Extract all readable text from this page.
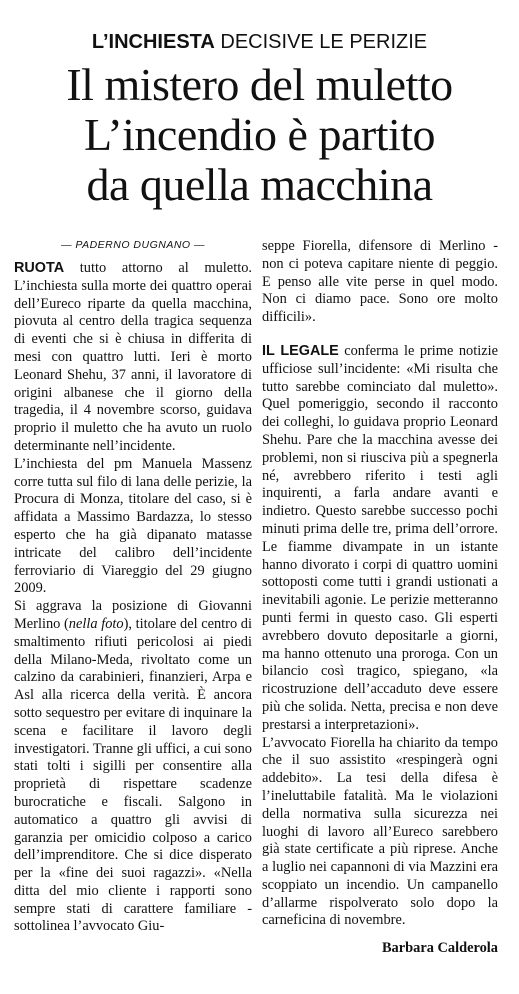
L’INCHIESTA DECISIVE LE PERIZIE
Il mistero del muletto
L’incendio è partito
da quella macchina
— PADERNO DUGNANO —

RUOTA tutto attorno al muletto. L’inchiesta sulla morte dei quattro operai dell’Eureco riparte da quella macchina, piovuta al centro della tragica sequenza di eventi che si è chiusa in differita di mesi con quattro lutti. Ieri è morto Leonard Shehu, 37 anni, il lavoratore di origini albanese che il giorno della tragedia, il 4 novembre scorso, guidava proprio il muletto che ha avuto un ruolo determinante nell’incidente.

L’inchiesta del pm Manuela Massenz corre tutta sul filo di lana delle perizie, la Procura di Monza, titolare del caso, si è affidata a Massimo Bardazza, lo stesso esperto che ha già dipanato matasse intricate del calibro dell’incidente ferroviario di Viareggio del 29 giugno 2009.

Si aggrava la posizione di Giovanni Merlino (nella foto), titolare del centro di smaltimento rifiuti pericolosi ai piedi della Milano-Meda, rivoltato come un calzino da carabinieri, finanzieri, Arpa e Asl alla ricerca della verità. È ancora sotto sequestro per evitare di inquinare la scena e facilitare il lavoro degli investigatori. Tranne gli uffici, a cui sono stati tolti i sigilli per consentire alla proprietà di rispettare scadenze burocratiche e fiscali. Salgono in automatico a quattro gli avvisi di garanzia per omicidio colposo a carico dell’imprenditore. Che si dice disperato per la «fine dei suoi ragazzi». «Nella ditta del mio cliente i rapporti sono sempre stati di carattere familiare - sottolinea l’avvocato Giu-

seppe Fiorella, difensore di Merlino - non ci poteva capitare niente di peggio. E penso alle vite perse in quel modo. Non ci diamo pace. Sono ore molto difficili».

IL LEGALE conferma le prime notizie ufficiose sull’incidente: «Mi risulta che tutto sarebbe cominciato dal muletto». Quel pomeriggio, secondo il racconto dei colleghi, lo guidava proprio Leonard Shehu. Pare che la macchina avesse dei problemi, non si riusciva più a spegnerla né, avrebbero riferito i testi agli inquirenti, a farla andare avanti e indietro. Questo sarebbe successo pochi minuti prima delle tre, prima dell’orrore. Le fiamme divampate in un istante hanno divorato i corpi di quattro uomini sottoposti come tutti i grandi ustionati a inevitabili agonie. Le perizie metteranno punti fermi in questo caso. Gli esperti avrebbero dovuto depositarle a giorni, ma hanno ottenuto una proroga. Con un bilancio così tragico, spiegano, «la ricostruzione dell’accaduto deve essere più che solida. Netta, precisa e non deve prestarsi a interpretazioni».

L’avvocato Fiorella ha chiarito da tempo che il suo assistito «respingerà ogni addebito». La tesi della difesa è l’ineluttabile fatalità. Ma le violazioni della normativa sulla sicurezza nei luoghi di lavoro all’Eureco sarebbero già state certificate a più riprese. Anche a luglio nei capannoni di via Mazzini era scoppiato un incendio. Un campanello d’allarme rispolverato solo dopo la carneficina di novembre.

Barbara Calderola
